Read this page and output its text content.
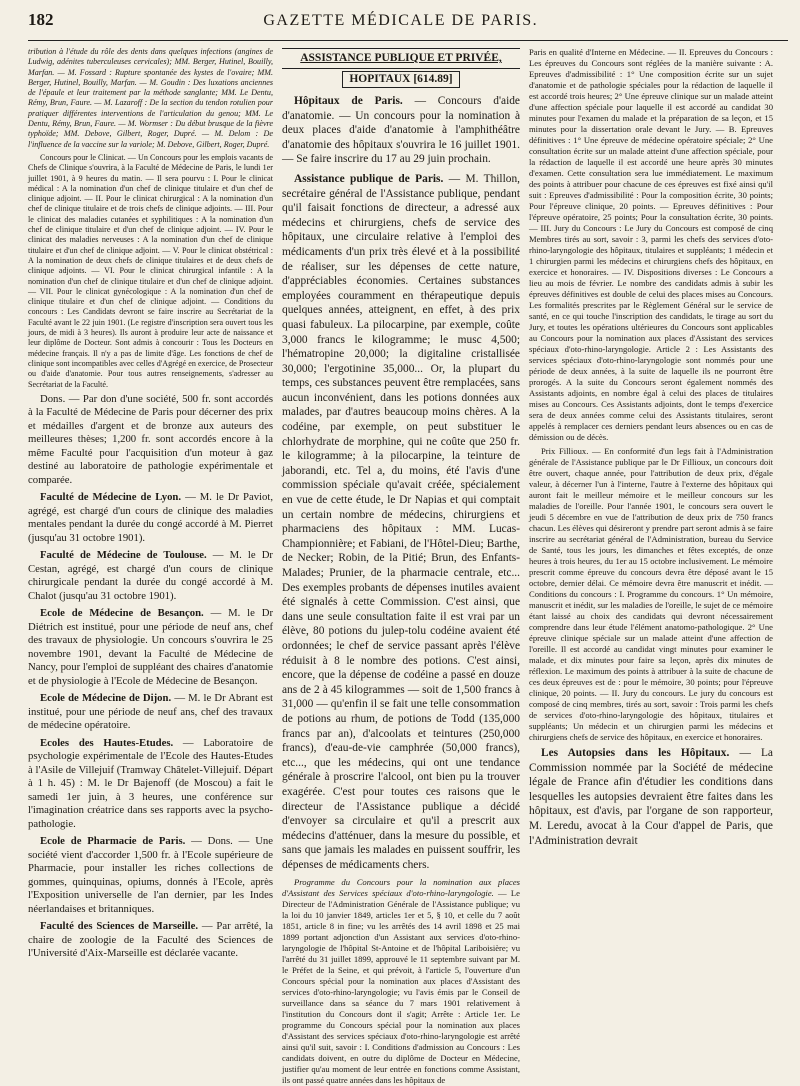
182	GAZETTE MÉDICALE DE PARIS.

tribution à l'étude du rôle des dents dans quelques infections (angines de Ludwig, adénites tuberculeuses cervicales); MM. Berger, Hutinel, Bouilly, Marfan. — M. Fossard : Rupture spontanée des kystes de l'ovaire; MM. Berger, Hutinel, Bouilly, Marfan. — M. Goudin : Des luxations anciennes de l'épaule et leur traitement par la méthode sanglante; MM. Le Dentu, Rémy, Brun, Faure. — M. Lazaroff : De la section du tendon rotulien pour pratiquer différentes interventions de l'articulation du genou; MM. Le Dentu, Rémy, Brun, Faure. — M. Wormser : Du début brusque de la fièvre typhoïde; MM. Debove, Gilbert, Roger, Dupré. — M. Delom : De l'influence de la vaccine sur la variole; M. Debove, Gilbert, Roger, Dupré.

Concours pour le Clinicat. — Un Concours pour les emplois vacants de Chefs de Clinique s'ouvrira, à la Faculté de Médecine de Paris, le lundi 1er juillet 1901, à 9 heures du matin. — Il sera pourvu : I. Pour le clinicat médical : A la nomination d'un chef de clinique titulaire et d'un chef de clinique adjoint. — II. Pour le clinicat chirurgical : A la nomination d'un chef de clinique titulaire et de trois chefs de clinique adjoints. — III. Pour le clinicat des maladies cutanées et syphilitiques : A la nomination d'un chef de clinique titulaire et d'un chef de clinique adjoint. — IV. Pour le clinicat des maladies nerveuses : A la nomination d'un chef de clinique titulaire et d'un chef de clinique adjoint. — V. Pour le clinicat obstétrical : A la nomination de deux chefs de clinique titulaires et de deux chefs de clinique adjoints. — VI. Pour le clinicat chirurgical infantile : A la nomination d'un chef de clinique titulaire et d'un chef de clinique adjoint. — VII. Pour le clinicat gynécologique : A la nomination d'un chef de clinique titulaire et d'un chef de clinique adjoint. — Conditions du concours : Les Candidats devront se faire inscrire au Secrétariat de la Faculté avant le 22 juin 1901. (Le registre d'inscription sera ouvert tous les jours, de midi à 3 heures). Ils auront à produire leur acte de naissance et leur diplôme de Docteur. Sont admis à concourir : Tous les Docteurs en médecine français. Il n'y a pas de limite d'âge. Les fonctions de chef de clinique sont incompatibles avec celles d'Agrégé en exercice, de Prosecteur ou d'aide d'anatomie. Pour tous autres renseignements, s'adresser au Secrétariat de la Faculté.

Dons. — Par don d'une société, 500 fr. sont accordés à la Faculté de Médecine de Paris pour décerner des prix et médailles d'argent et de bronze aux auteurs des meilleures thèses; 1,200 fr. sont accordés encore à la même Faculté pour l'acquisition d'un moteur à gaz destiné au laboratoire de pathologie expérimentale et comparée.

Faculté de Médecine de Lyon. — M. le Dr Paviot, agrégé, est chargé d'un cours de clinique des maladies mentales pendant la durée du congé accordé à M. Pierret (jusqu'au 31 octobre 1901).

Faculté de Médecine de Toulouse. — M. le Dr Cestan, agrégé, est chargé d'un cours de clinique chirurgicale pendant la durée du congé accordé à M. Chalot (jusqu'au 31 octobre 1901).

Ecole de Médecine de Besançon. — M. le Dr Diétrich est institué, pour une période de neuf ans, chef des travaux de physiologie. Un concours s'ouvrira le 25 novembre 1901, devant la Faculté de Médecine de Nancy, pour l'emploi de suppléant des chaires d'anatomie et de physiologie à l'Ecole de Médecine de Besançon.

Ecole de Médecine de Dijon. — M. le Dr Abrant est institué, pour une période de neuf ans, chef des travaux de médecine opératoire.

Ecoles des Hautes-Etudes. — Laboratoire de psychologie expérimentale de l'Ecole des Hautes-Etudes à l'Asile de Villejuif (Tramway Châtelet-Villejuif. Départ à 1 h. 45) : M. le Dr Bajenoff (de Moscou) a fait le samedi 1er juin, à 3 heures, une conférence sur l'imagination créatrice dans ses rapports avec la psycho-pathologie.

Ecole de Pharmacie de Paris. — Dons. — Une société vient d'accorder 1,500 fr. à l'Ecole supérieure de Pharmacie, pour installer les riches collections de gommes, quinquinas, opiums, donnés à l'Ecole, après l'Exposition universelle de l'an dernier, par les Indes néerlandaises et britanniques.

Faculté des Sciences de Marseille. — Par arrêté, la chaire de zoologie de la Faculté des Sciences de l'Université d'Aix-Marseille est déclarée vacante.

ASSISTANCE PUBLIQUE ET PRIVÉE,
HOPITAUX [614.89]

Hôpitaux de Paris. — Concours d'aide d'anatomie. — Un concours pour la nomination à deux places d'aide d'anatomie à l'amphithéâtre d'anatomie des hôpitaux s'ouvrira le 16 juillet 1901. — Se faire inscrire du 17 au 29 juin prochain.

Assistance publique de Paris. — M. Thillon, secrétaire général de l'Assistance publique, pendant qu'il faisait fonctions de directeur, a adressé aux médecins et chirurgiens, chefs de service des hôpitaux, une circulaire relative à l'emploi des médicaments d'un prix très élevé et à la possibilité de réaliser, sur les dépenses de cette nature, d'appréciables économies. Certaines substances employées couramment en thérapeutique depuis quelques années, atteignent, en effet, à des prix quasi fabuleux. La pilocarpine, par exemple, coûte 3,000 francs le kilogramme; le musc 4,500; l'hématropine 20,000; la digitaline cristallisée 30,000; l'ergotinine 35,000... Or, la plupart du temps, ces substances peuvent être remplacées, sans aucun inconvénient, dans les potions données aux malades, par d'autres beaucoup moins chères. A la codéine, par exemple, on peut substituer le chlorhydrate de morphine, qui ne coûte que 250 fr. le kilogramme; à la pilocarpine, la teinture de jaborandi, etc. Tel a, du moins, été l'avis d'une commission spéciale qu'avait créée, spécialement en vue de cette étude, le Dr Napias et qui comptait un certain nombre de médecins, chirurgiens et pharmaciens des hôpitaux : MM. Lucas-Championnière; et Fabiani, de l'Hôtel-Dieu; Barthe, de Necker; Robin, de la Pitié; Brun, des Enfants-Malades; Prunier, de la pharmacie centrale, etc... Des exemples probants de dépenses inutiles avaient été signalés à cette Commission. C'est ainsi, que dans une seule consultation faite il est vrai par un élève, 80 potions du julep-tolu codéine avaient été ordonnées; le chef de service passant après l'élève réduisit à 8 le nombre des potions. C'est ainsi, encore, que la dépense de codéine a passé en douze ans de 2 à 45 kilogrammes — soit de 1,500 francs à 31,000 — qu'enfin il se fait une telle consommation de potions au rhum, de potions de Todd (135,000 francs par an), d'alcoolats et teintures (250,000 francs), d'eau-de-vie camphrée (50,000 francs), etc..., que les médecins, qui ont une tendance générale à proscrire l'alcool, ont bien pu la trouver exagérée. C'est pour toutes ces raisons que le directeur de l'Assistance publique a décidé d'envoyer sa circulaire et qu'il a prescrit aux médecins d'atténuer, dans la mesure du possible, et sans que jamais les malades en puissent souffrir, les dépenses de médicaments chers.

Programme du Concours pour la nomination aux places d'Assistant des Services spéciaux d'oto-rhino-laryngologie. — Le Directeur de l'Administration Générale de l'Assistance publique; vu la loi du 10 janvier 1849, articles 1er et 5, § 10, et celle du 7 août 1851, article 8 in fine; vu les arrêtés des 14 avril 1898 et 25 mai 1899 portant adjonction d'un Assistant aux services d'oto-rhino-laryngologie de l'hôpital St-Antoine et de l'hôpital Lariboisière; vu l'arrêté du 31 juillet 1899, approuvé le 11 septembre suivant par M. le Préfet de la Seine, et qui prévoit, à l'article 5, l'ouverture d'un Concours spécial pour la nomination aux places d'Assistant des services d'oto-rhino-laryngologie; vu l'avis émis par le Conseil de surveillance dans sa séance du 7 mars 1901 relativement à l'institution du Concours dont il s'agit; Arrête : Article 1er. Le programme du Concours spécial pour la nomination aux places d'Assistant des services spéciaux d'oto-rhino-laryngologie est arrêté ainsi qu'il suit, savoir : I. Conditions d'admission au Concours : Les candidats doivent, en outre du diplôme de Docteur en Médecine, justifier qu'au moment de leur entrée en fonctions comme Assistant, ils ont passé quatre années dans les hôpitaux de

Paris en qualité d'Interne en Médecine. — II. Epreuves du Concours : Les épreuves du Concours sont réglées de la manière suivante : A. Epreuves d'admissibilité : 1° Une composition écrite sur un sujet d'anatomie et de pathologie spéciales pour la rédaction de laquelle il est accordé trois heures; 2° Une épreuve clinique sur un malade atteint d'une affection spéciale pour laquelle il est accordé au candidat 30 minutes pour l'examen du malade et la préparation de sa leçon, et 15 minutes pour la dissertation orale devant le Jury. — B. Epreuves définitives : 1° Une épreuve de médecine opératoire spéciale; 2° Une consultation écrite sur un malade atteint d'une affection spéciale, pour la rédaction de laquelle il est accordé une heure après 30 minutes d'examen. Cette consultation sera lue immédiatement. Le maximum des points à attribuer pour chacune de ces épreuves est fixé ainsi qu'il suit : Epreuves d'admissibilité : Pour la composition écrite, 30 points; Pour l'épreuve clinique, 20 points. — Epreuves définitives : Pour l'épreuve opératoire, 25 points; Pour la consultation écrite, 30 points. — III. Jury du Concours : Le Jury du Concours est composé de cinq Membres tirés au sort, savoir : 3, parmi les chefs des services d'oto-rhino-laryngologie des hôpitaux, titulaires et suppléants; 1 médecin et 1 chirurgien parmi les médecins et chirurgiens chefs des hôpitaux, en exercice et honoraires. — IV. Dispositions diverses : Le Concours a lieu au mois de février. Le nombre des candidats admis à subir les épreuves définitives est double de celui des places mises au Concours. Les formalités prescrites par le Règlement Général sur le service de santé, en ce qui touche l'inscription des candidats, le tirage au sort du Jury, et toutes les opérations ultérieures du Concours sont applicables au Concours pour la nomination aux places d'Assistant des services spéciaux d'oto-rhino-laryngologie. Article 2 : Les Assistants des services spéciaux d'oto-rhino-laryngologie sont nommés pour une période de deux années, à la suite de laquelle ils ne pourront être prorogés. A la suite du Concours seront également nommés des Assistants adjoints, en nombre égal à celui des places de titulaires mises au Concours. Ces Assistants adjoints, dont le temps d'exercice sera de deux années comme celui des Assistants titulaires, seront appelés à remplacer ces derniers pendant leurs absences ou en cas de démission ou de décès.

Prix Fillioux. — En conformité d'un legs fait à l'Administration générale de l'Assistance publique par le Dr Fillioux, un concours doit être ouvert, chaque année, pour l'attribution de deux prix, d'égale valeur, à décerner l'un à l'interne, l'autre à l'externe des hôpitaux qui auront fait le meilleur mémoire et le meilleur concours sur les maladies de l'oreille. Pour l'année 1901, le concours sera ouvert le jeudi 5 décembre en vue de l'attribution de deux prix de 750 francs chacun. Les élèves qui désireront y prendre part seront admis à se faire inscrire au secrétariat général de l'Administration, bureau du Service de Santé, tous les jours, les dimanches et fêtes exceptés, de onze heures à trois heures, du 1er au 15 octobre inclusivement. Le mémoire prescrit comme épreuve du concours devra être déposé avant le 15 octobre, dernier délai. Ce mémoire devra être manuscrit et inédit. — Conditions du concours : I. Programme du concours. 1° Un mémoire, manuscrit et inédit, sur les maladies de l'oreille, le sujet de ce mémoire étant laissé au choix des candidats qui devront nécessairement comprendre dans leur étude l'élément anatomo-pathologique. 2° Une épreuve clinique spéciale sur un malade atteint d'une affection de l'oreille. Il est accordé au candidat vingt minutes pour examiner le malade, et dix minutes pour faire sa leçon, après dix minutes de réflexion. Le maximum des points à attribuer à la suite de chacune de ces deux épreuves est de : pour le mémoire, 30 points; pour l'épreuve clinique, 20 points. — II. Jury du concours. Le jury du concours est composé de cinq membres, tirés au sort, savoir : Trois parmi les chefs de services d'oto-rhino-laryngologie des hôpitaux, titulaires et suppléants; Un médecin et un chirurgien parmi les médecins et chirurgiens chefs de service des hôpitaux, en exercice et honoraires.

Les Autopsies dans les Hôpitaux. — La Commission nommée par la Société de médecine légale de France afin d'étudier les conditions dans lesquelles les autopsies devraient être faites dans les hôpitaux, est d'avis, par l'organe de son rapporteur, M. Leredu, avocat à la Cour d'appel de Paris, que l'Administration devrait
